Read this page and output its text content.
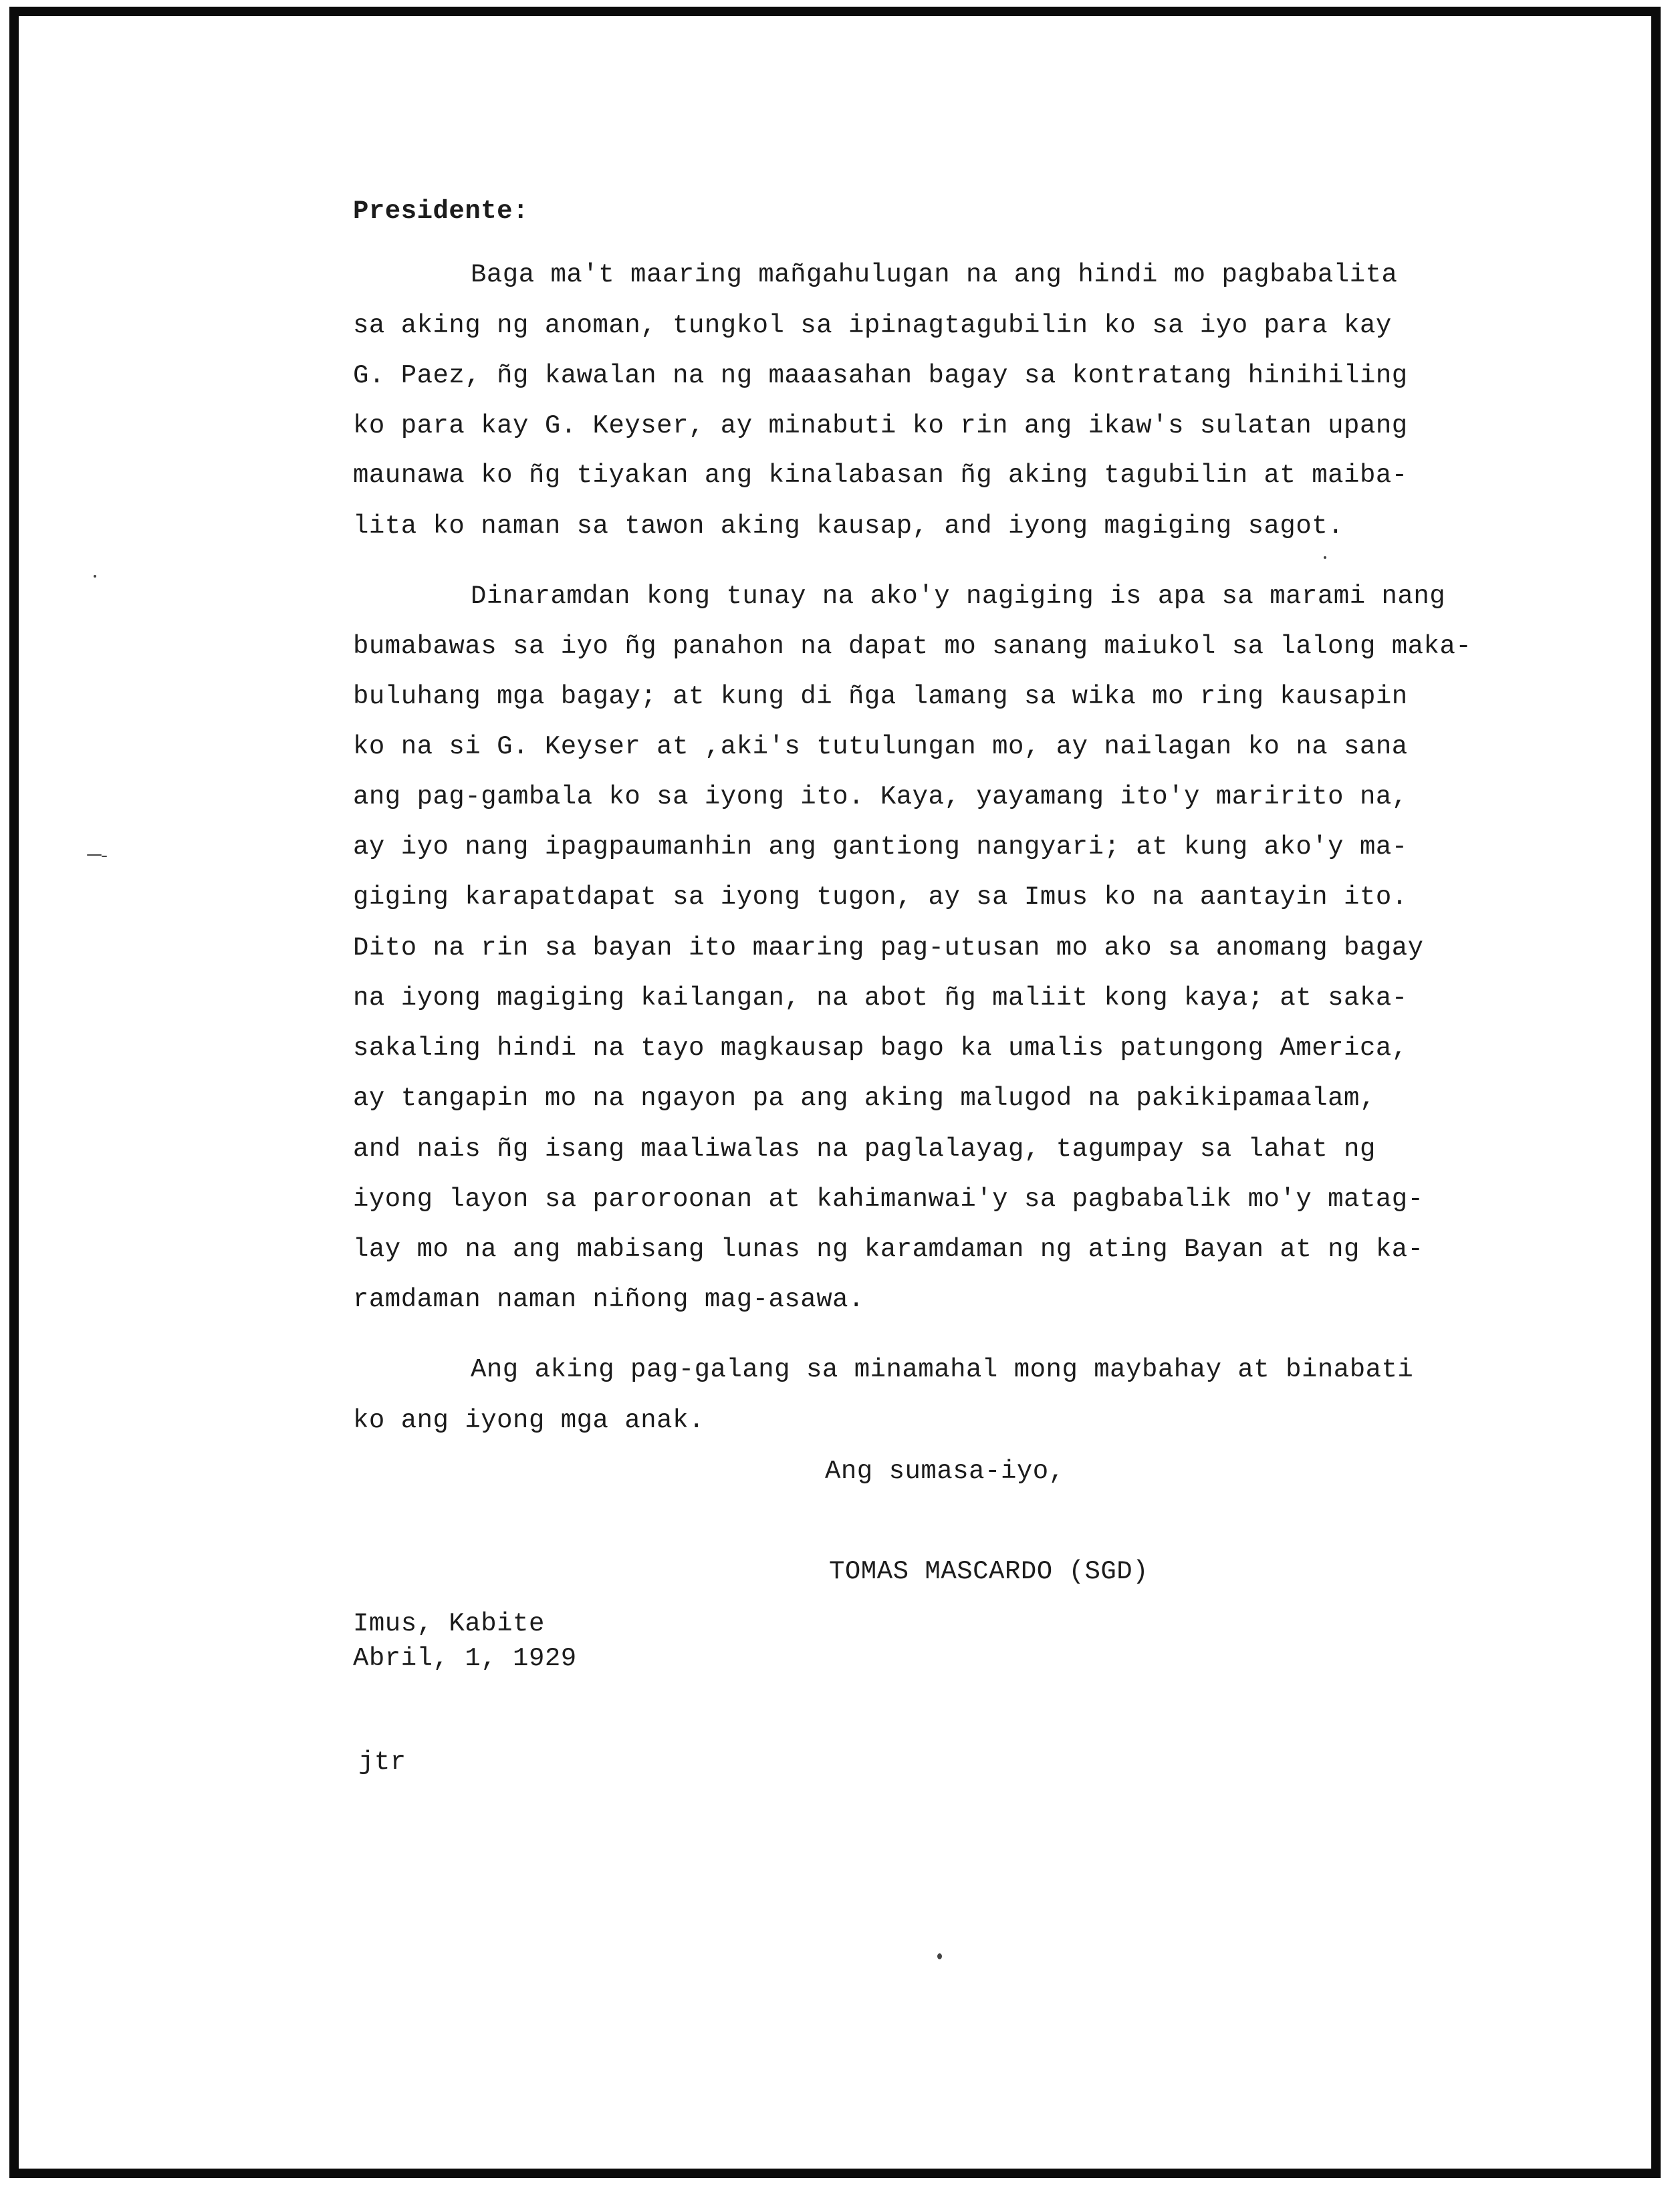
Presidente:
Baga ma't maaring mañgahulugan na ang hindi mo pagbabalita
sa aking ng anoman, tungkol sa ipinagtagubilin ko sa iyo para kay
G. Paez, ñg kawalan na ng maaasahan bagay sa kontratang hinihiling
ko para kay G. Keyser, ay minabuti ko rin ang ikaw's sulatan upang
maunawa ko ñg tiyakan ang kinalabasan ñg aking tagubilin at maiba-
lita ko naman sa tawon aking kausap, and iyong magiging sagot.
Dinaramdan kong tunay na ako'y nagiging is apa sa marami nang
bumabawas sa iyo ñg panahon na dapat mo sanang maiukol sa lalong maka-
buluhang mga bagay; at kung di ñga lamang sa wika mo ring kausapin
ko na si G. Keyser at ,aki's tutulungan mo, ay nailagan ko na sana
ang pag-gambala ko sa iyong ito. Kaya, yayamang ito'y maririto na,
ay iyo nang ipagpaumanhin ang gantiong nangyari; at kung ako'y ma-
giging karapatdapat sa iyong tugon, ay sa Imus ko na aantayin ito.
Dito na rin sa bayan ito maaring pag-utusan mo ako sa anomang bagay
na iyong magiging kailangan, na abot ñg maliit kong kaya; at saka-
sakaling hindi na tayo magkausap bago ka umalis patungong America,
ay tangapin mo na ngayon pa ang aking malugod na pakikipamaalam,
and nais ñg isang maaliwalas na paglalayag, tagumpay sa lahat ng
iyong layon sa paroroonan at kahimanwai'y sa pagbabalik mo'y matag-
lay mo na ang mabisang lunas ng karamdaman ng ating Bayan at ng ka-
ramdaman naman niñong mag-asawa.
Ang aking pag-galang sa minamahal mong maybahay at binabati
ko ang iyong mga anak.
Ang sumasa-iyo,
TOMAS MASCARDO (SGD)
Imus, Kabite
Abril, 1, 1929
jtr
